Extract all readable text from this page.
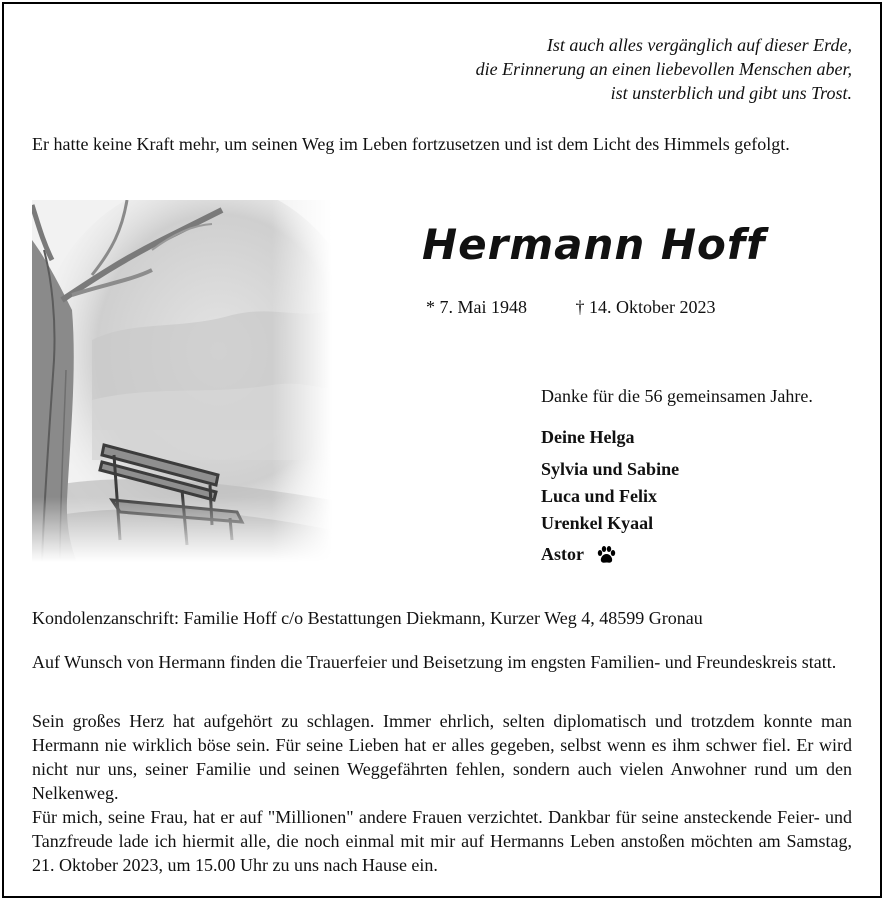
Ist auch alles vergänglich auf dieser Erde,
die Erinnerung an einen liebevollen Menschen aber,
ist unsterblich und gibt uns Trost.
Er hatte keine Kraft mehr, um seinen Weg im Leben fortzusetzen und ist dem Licht des Himmels gefolgt.
Hermann Hoff
* 7. Mai 1948	† 14. Oktober 2023
Danke für die 56 gemeinsamen Jahre.
Deine Helga
Sylvia und Sabine
Luca und Felix
Urenkel Kyaal
Astor
Kondolenzanschrift: Familie Hoff c/o Bestattungen Diekmann, Kurzer Weg 4, 48599 Gronau
Auf Wunsch von Hermann finden die Trauerfeier und Beisetzung im engsten Familien- und Freundeskreis statt.

Sein großes Herz hat aufgehört zu schlagen. Immer ehrlich, selten diplomatisch und trotzdem konnte man Hermann nie wirklich böse sein. Für seine Lieben hat er alles gegeben, selbst wenn es ihm schwer fiel. Er wird nicht nur uns, seiner Familie und seinen Weggefährten fehlen, sondern auch vielen Anwohner rund um den Nelkenweg.

Für mich, seine Frau, hat er auf "Millionen" andere Frauen verzichtet. Dankbar für seine ansteckende Feier- und Tanzfreude lade ich hiermit alle, die noch einmal mit mir auf Hermanns Leben anstoßen möchten am Samstag, 21. Oktober 2023, um 15.00 Uhr zu uns nach Hause ein.
